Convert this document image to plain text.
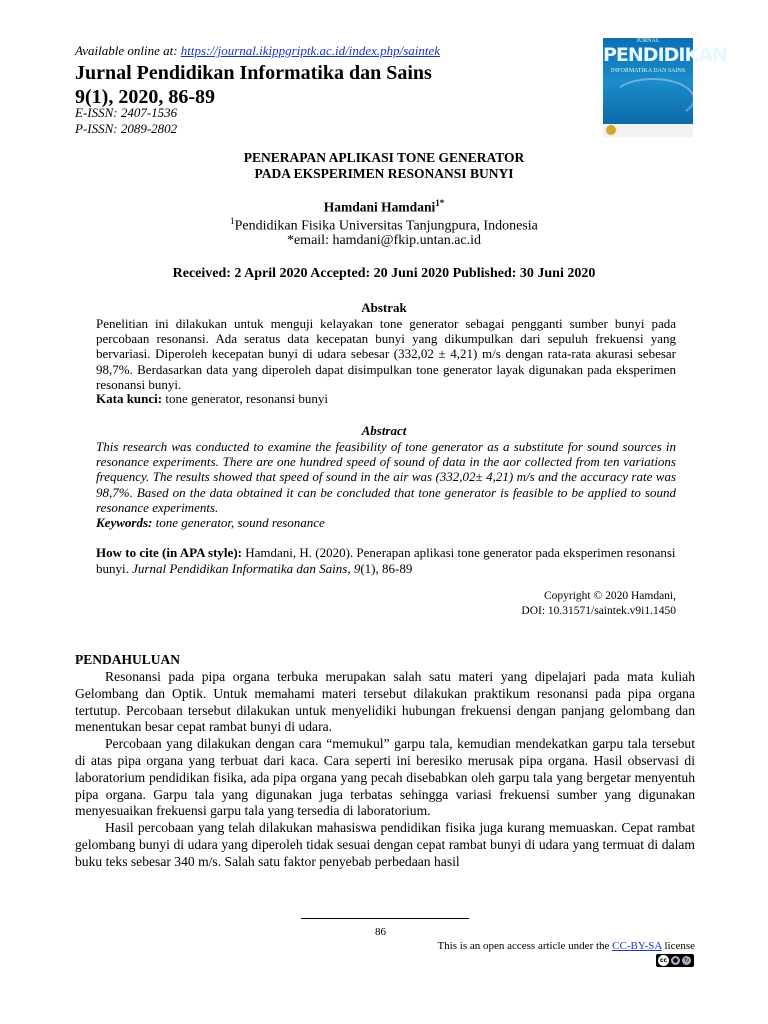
Available online at: https://journal.ikippgriptk.ac.id/index.php/saintek
Jurnal Pendidikan Informatika dan Sains
9(1), 2020, 86-89
E-ISSN: 2407-1536
P-ISSN: 2089-2802
JURNAL
PENDIDIKAN
INFORMATIKA DAN SAINS
PENERAPAN APLIKASI TONE GENERATOR
PADA EKSPERIMEN RESONANSI BUNYI
Hamdani Hamdani$^{1*}$
$^1$Pendidikan Fisika Universitas Tanjungpura, Indonesia
*email: hamdani@fkip.untan.ac.id
Received: 2 April 2020 Accepted: 20 Juni 2020 Published: 30 Juni 2020
Abstrak

Penelitian ini dilakukan untuk menguji kelayakan tone generator sebagai pengganti sumber bunyi pada percobaan resonansi. Ada seratus data kecepatan bunyi yang dikumpulkan dari sepuluh frekuensi yang bervariasi. Diperoleh kecepatan bunyi di udara sebesar (332,02 ± 4,21) m/s dengan rata-rata akurasi sebesar 98,7%. Berdasarkan data yang diperoleh dapat disimpulkan tone generator layak digunakan pada eksperimen resonansi bunyi.

Kata kunci: tone generator, resonansi bunyi
Abstract

This research was conducted to examine the feasibility of tone generator as a substitute for sound sources in resonance experiments. There are one hundred speed of sound of data in the aor collected from ten variations frequency. The results showed that speed of sound in the air was (332,02± 4,21) m/s and the accuracy rate was 98,7%. Based on the data obtained it can be concluded that tone generator is feasible to be applied to sound resonance experiments.

Keywords: tone generator, sound resonance

How to cite (in APA style): Hamdani, H. (2020). Penerapan aplikasi tone generator pada eksperimen resonansi bunyi. Jurnal Pendidikan Informatika dan Sains, 9(1), 86-89

Copyright © 2020 Hamdani,
DOI: 10.31571/saintek.v9i1.1450
PENDAHULUAN

Resonansi pada pipa organa terbuka merupakan salah satu materi yang dipelajari pada mata kuliah Gelombang dan Optik. Untuk memahami materi tersebut dilakukan praktikum resonansi pada pipa organa tertutup. Percobaan tersebut dilakukan untuk menyelidiki hubungan frekuensi dengan panjang gelombang dan menentukan besar cepat rambat bunyi di udara.

Percobaan yang dilakukan dengan cara “memukul” garpu tala, kemudian mendekatkan garpu tala tersebut di atas pipa organa yang terbuat dari kaca. Cara seperti ini beresiko merusak pipa organa. Hasil observasi di laboratorium pendidikan fisika, ada pipa organa yang pecah disebabkan oleh garpu tala yang bergetar menyentuh pipa organa. Garpu tala yang digunakan juga terbatas sehingga variasi frekuensi sumber yang digunakan menyesuaikan frekuensi garpu tala yang tersedia di laboratorium.

Hasil percobaan yang telah dilakukan mahasiswa pendidikan fisika juga kurang memuaskan. Cepat rambat gelombang bunyi di udara yang diperoleh tidak sesuai dengan cepat rambat bunyi di udara yang termuat di dalam buku teks sebesar 340 m/s. Salah satu faktor penyebab perbedaan hasil

86
This is an open access article under the CC-BY-SA license
cc ● ↻
